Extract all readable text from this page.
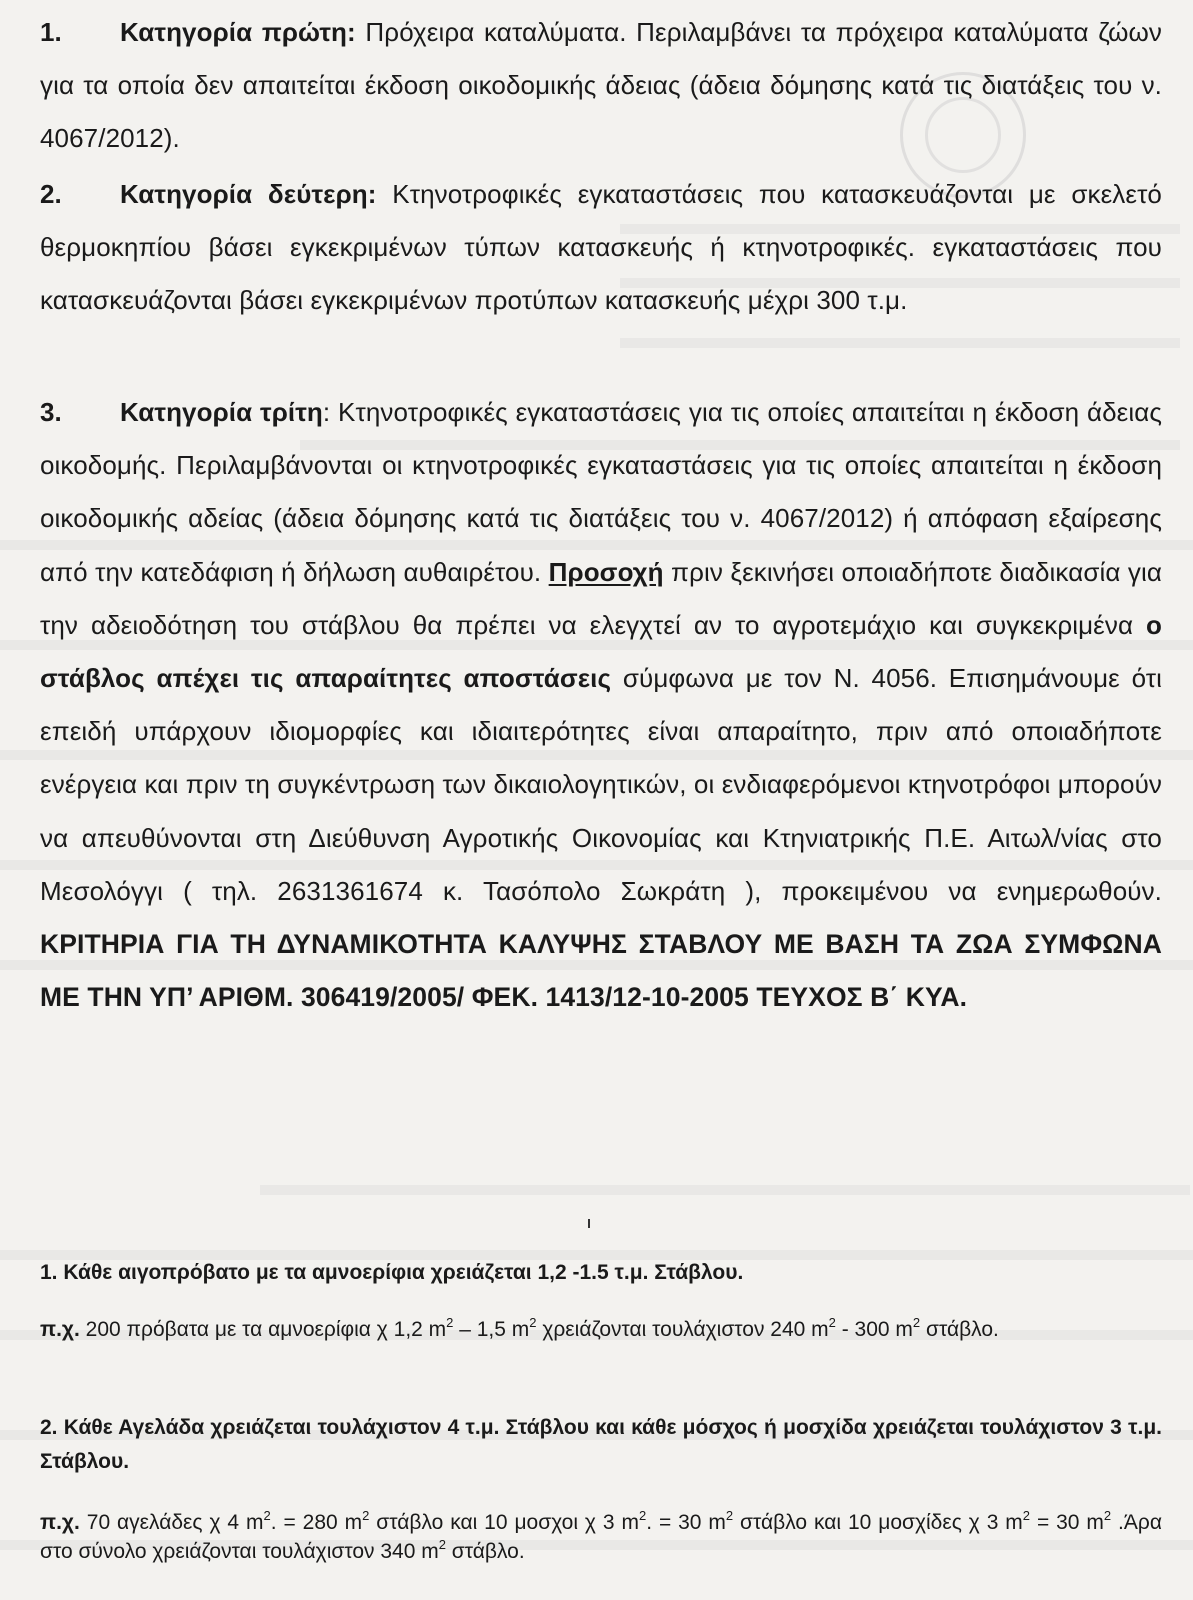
1. Κατηγορία πρώτη: Πρόχειρα καταλύματα. Περιλαμβάνει τα πρόχειρα καταλύματα ζώων για τα οποία δεν απαιτείται έκδοση οικοδομικής άδειας (άδεια δόμησης κατά τις διατάξεις του ν. 4067/2012).
2. Κατηγορία δεύτερη: Κτηνοτροφικές εγκαταστάσεις που κατασκευάζονται με σκελετό θερμοκηπίου βάσει εγκεκριμένων τύπων κατασκευής ή κτηνοτροφικές. εγκαταστάσεις που κατασκευάζονται βάσει εγκεκριμένων προτύπων κατασκευής μέχρι 300 τ.μ.
3. Κατηγορία τρίτη: Κτηνοτροφικές εγκαταστάσεις για τις οποίες απαιτείται η έκδοση άδειας οικοδομής. Περιλαμβάνονται οι κτηνοτροφικές εγκαταστάσεις για τις οποίες απαιτείται η έκδοση οικοδομικής αδείας (άδεια δόμησης κατά τις διατάξεις του ν. 4067/2012) ή απόφαση εξαίρεσης από την κατεδάφιση ή δήλωση αυθαιρέτου. Προσοχή πριν ξεκινήσει οποιαδήποτε διαδικασία για την αδειοδότηση του στάβλου θα πρέπει να ελεγχτεί αν το αγροτεμάχιο και συγκεκριμένα ο στάβλος απέχει τις απαραίτητες αποστάσεις σύμφωνα με τον Ν. 4056. Επισημάνουμε ότι επειδή υπάρχουν ιδιομορφίες και ιδιαιτερότητες είναι απαραίτητο, πριν από οποιαδήποτε ενέργεια και πριν τη συγκέντρωση των δικαιολογητικών, οι ενδιαφερόμενοι κτηνοτρόφοι μπορούν να απευθύνονται στη Διεύθυνση Αγροτικής Οικονομίας και Κτηνιατρικής Π.Ε. Αιτωλ/νίας στο Μεσολόγγι ( τηλ. 2631361674 κ. Τασόπολο Σωκράτη ), προκειμένου να ενημερωθούν. ΚΡΙΤΗΡΙΑ ΓΙΑ ΤΗ ΔΥΝΑΜΙΚΟΤΗΤΑ ΚΑΛΥΨΗΣ ΣΤΑΒΛΟΥ ΜΕ ΒΑΣΗ ΤΑ ΖΩΑ ΣΥΜΦΩΝΑ ΜΕ ΤΗΝ ΥΠ’ ΑΡΙΘΜ. 306419/2005/ ΦΕΚ. 1413/12-10-2005 ΤΕΥΧΟΣ Β΄ ΚΥΑ.
1. Κάθε αιγοπρόβατο με τα αμνοερίφια χρειάζεται 1,2 -1.5 τ.μ. Στάβλου.
π.χ. 200 πρόβατα με τα αμνοερίφια χ 1,2 $m^2 - 1,5$ $m^2$ χρειάζονται τουλάχιστον 240 $m^2 - 300$ $m^2$ στάβλο.
2. Κάθε Αγελάδα χρειάζεται τουλάχιστον 4 τ.μ. Στάβλου και κάθε μόσχος ή μοσχίδα χρειάζεται τουλάχιστον 3 τ.μ. Στάβλου.
π.χ. 70 αγελάδες χ 4 $m^2$. = 280 $m^2$ στάβλο και 10 μοσχοι χ 3 $m^2$. = 30 $m^2$ στάβλο και 10 μοσχίδες χ 3 $m^2 = 30$ $m^2$ .Άρα στο σύνολο χρειάζονται τουλάχιστον 340 $m^2$ στάβλο.
